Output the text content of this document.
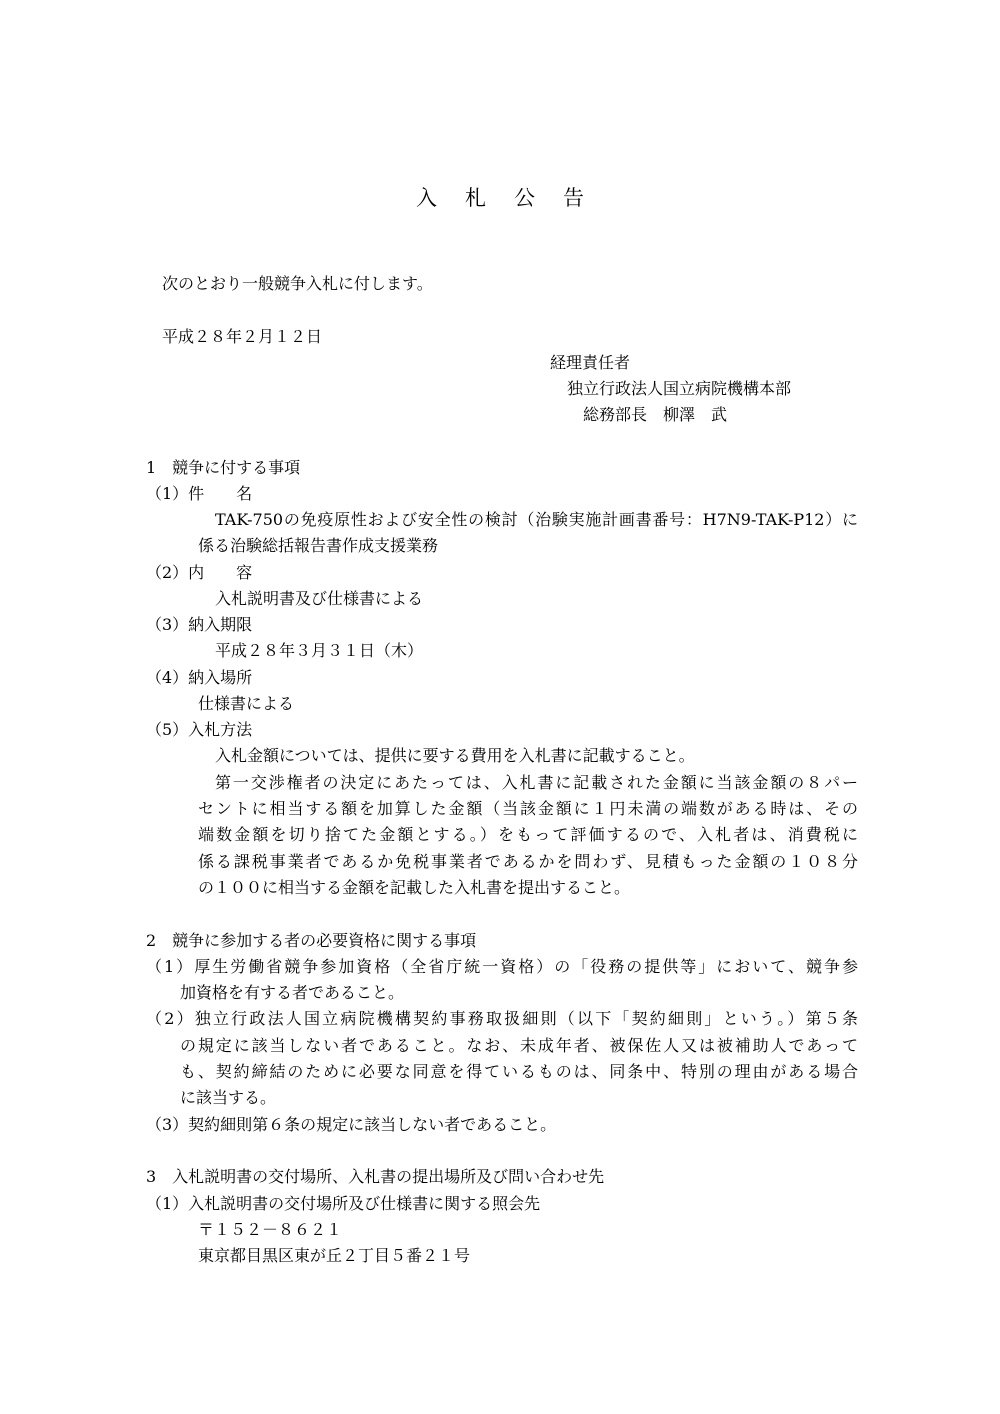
入札公告
次のとおり一般競争入札に付します。
平成２８年２月１２日
経理責任者
独立行政法人国立病院機構本部
総務部長　柳澤　武
1　競争に付する事項
（1）件　　名
TAK-750の免疫原性および安全性の検討（治験実施計画書番号：H7N9-TAK-P12）に
係る治験総括報告書作成支援業務
（2）内　　容
入札説明書及び仕様書による
（3）納入期限
平成２８年３月３１日（木）
（4）納入場所
仕様書による
（5）入札方法
入札金額については、提供に要する費用を入札書に記載すること。
第一交渉権者の決定にあたっては、入札書に記載された金額に当該金額の８パー
セントに相当する額を加算した金額（当該金額に１円未満の端数がある時は、その
端数金額を切り捨てた金額とする。）をもって評価するので、入札者は、消費税に
係る課税事業者であるか免税事業者であるかを問わず、見積もった金額の１０８分
の１００に相当する金額を記載した入札書を提出すること。
2　競争に参加する者の必要資格に関する事項
（1）厚生労働省競争参加資格（全省庁統一資格）の「役務の提供等」において、競争参
加資格を有する者であること。
（2）独立行政法人国立病院機構契約事務取扱細則（以下「契約細則」という。）第５条
の規定に該当しない者であること。なお、未成年者、被保佐人又は被補助人であって
も、契約締結のために必要な同意を得ているものは、同条中、特別の理由がある場合
に該当する。
（3）契約細則第６条の規定に該当しない者であること。
3　入札説明書の交付場所、入札書の提出場所及び問い合わせ先
（1）入札説明書の交付場所及び仕様書に関する照会先
〒１５２－８６２１
東京都目黒区東が丘２丁目５番２１号
